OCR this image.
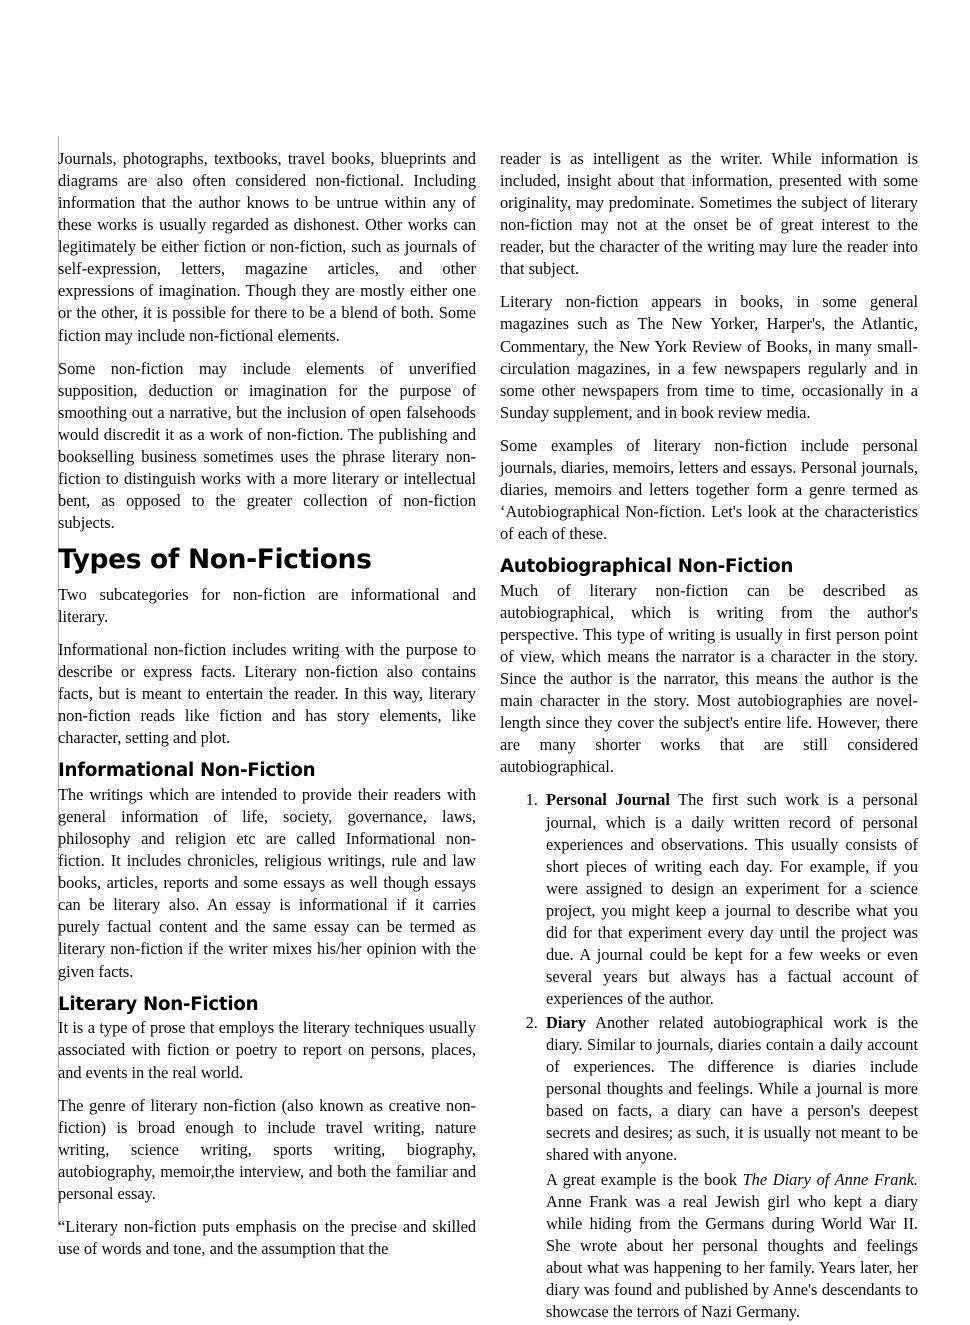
Journals, photographs, textbooks, travel books, blueprints and diagrams are also often considered non-fictional. Including information that the author knows to be untrue within any of these works is usually regarded as dishonest. Other works can legitimately be either fiction or non-fiction, such as journals of self-expression, letters, magazine articles, and other expressions of imagination. Though they are mostly either one or the other, it is possible for there to be a blend of both. Some fiction may include non-fictional elements.

Some non-fiction may include elements of unverified supposition, deduction or imagination for the purpose of smoothing out a narrative, but the inclusion of open falsehoods would discredit it as a work of non-fiction. The publishing and bookselling business sometimes uses the phrase literary non-fiction to distinguish works with a more literary or intellectual bent, as opposed to the greater collection of non-fiction subjects.

Types of Non-Fictions

Two subcategories for non-fiction are informational and literary.

Informational non-fiction includes writing with the purpose to describe or express facts. Literary non-fiction also contains facts, but is meant to entertain the reader. In this way, literary non-fiction reads like fiction and has story elements, like character, setting and plot.

Informational Non-Fiction

The writings which are intended to provide their readers with general information of life, society, governance, laws, philosophy and religion etc are called Informational non-fiction. It includes chronicles, religious writings, rule and law books, articles, reports and some essays as well though essays can be literary also. An essay is informational if it carries purely factual content and the same essay can be termed as literary non-fiction if the writer mixes his/her opinion with the given facts.

Literary Non-Fiction

It is a type of prose that employs the literary techniques usually associated with fiction or poetry to report on persons, places, and events in the real world.

The genre of literary non-fiction (also known as creative non-fiction) is broad enough to include travel writing, nature writing, science writing, sports writing, biography, autobiography, memoir,the interview, and both the familiar and personal essay.

“Literary non-fiction puts emphasis on the precise and skilled use of words and tone, and the assumption that the

reader is as intelligent as the writer. While information is included, insight about that information, presented with some originality, may predominate. Sometimes the subject of literary non-fiction may not at the onset be of great interest to the reader, but the character of the writing may lure the reader into that subject.

Literary non-fiction appears in books, in some general magazines such as The New Yorker, Harper's, the Atlantic, Commentary, the New York Review of Books, in many small-circulation magazines, in a few newspapers regularly and in some other newspapers from time to time, occasionally in a Sunday supplement, and in book review media.

Some examples of literary non-fiction include personal journals, diaries, memoirs, letters and essays. Personal journals, diaries, memoirs and letters together form a genre termed as ‘Autobiographical Non-fiction. Let's look at the characteristics of each of these.

Autobiographical Non-Fiction

Much of literary non-fiction can be described as autobiographical, which is writing from the author's perspective. This type of writing is usually in first person point of view, which means the narrator is a character in the story. Since the author is the narrator, this means the author is the main character in the story. Most autobiographies are novel-length since they cover the subject's entire life. However, there are many shorter works that are still considered autobiographical.

1. Personal Journal The first such work is a personal journal, which is a daily written record of personal experiences and observations. This usually consists of short pieces of writing each day. For example, if you were assigned to design an experiment for a science project, you might keep a journal to describe what you did for that experiment every day until the project was due. A journal could be kept for a few weeks or even several years but always has a factual account of experiences of the author.

2. Diary Another related autobiographical work is the diary. Similar to journals, diaries contain a daily account of experiences. The difference is diaries include personal thoughts and feelings. While a journal is more based on facts, a diary can have a person's deepest secrets and desires; as such, it is usually not meant to be shared with anyone.

A great example is the book The Diary of Anne Frank. Anne Frank was a real Jewish girl who kept a diary while hiding from the Germans during World War II. She wrote about her personal thoughts and feelings about what was happening to her family. Years later, her diary was found and published by Anne's descendants to showcase the terrors of Nazi Germany.
